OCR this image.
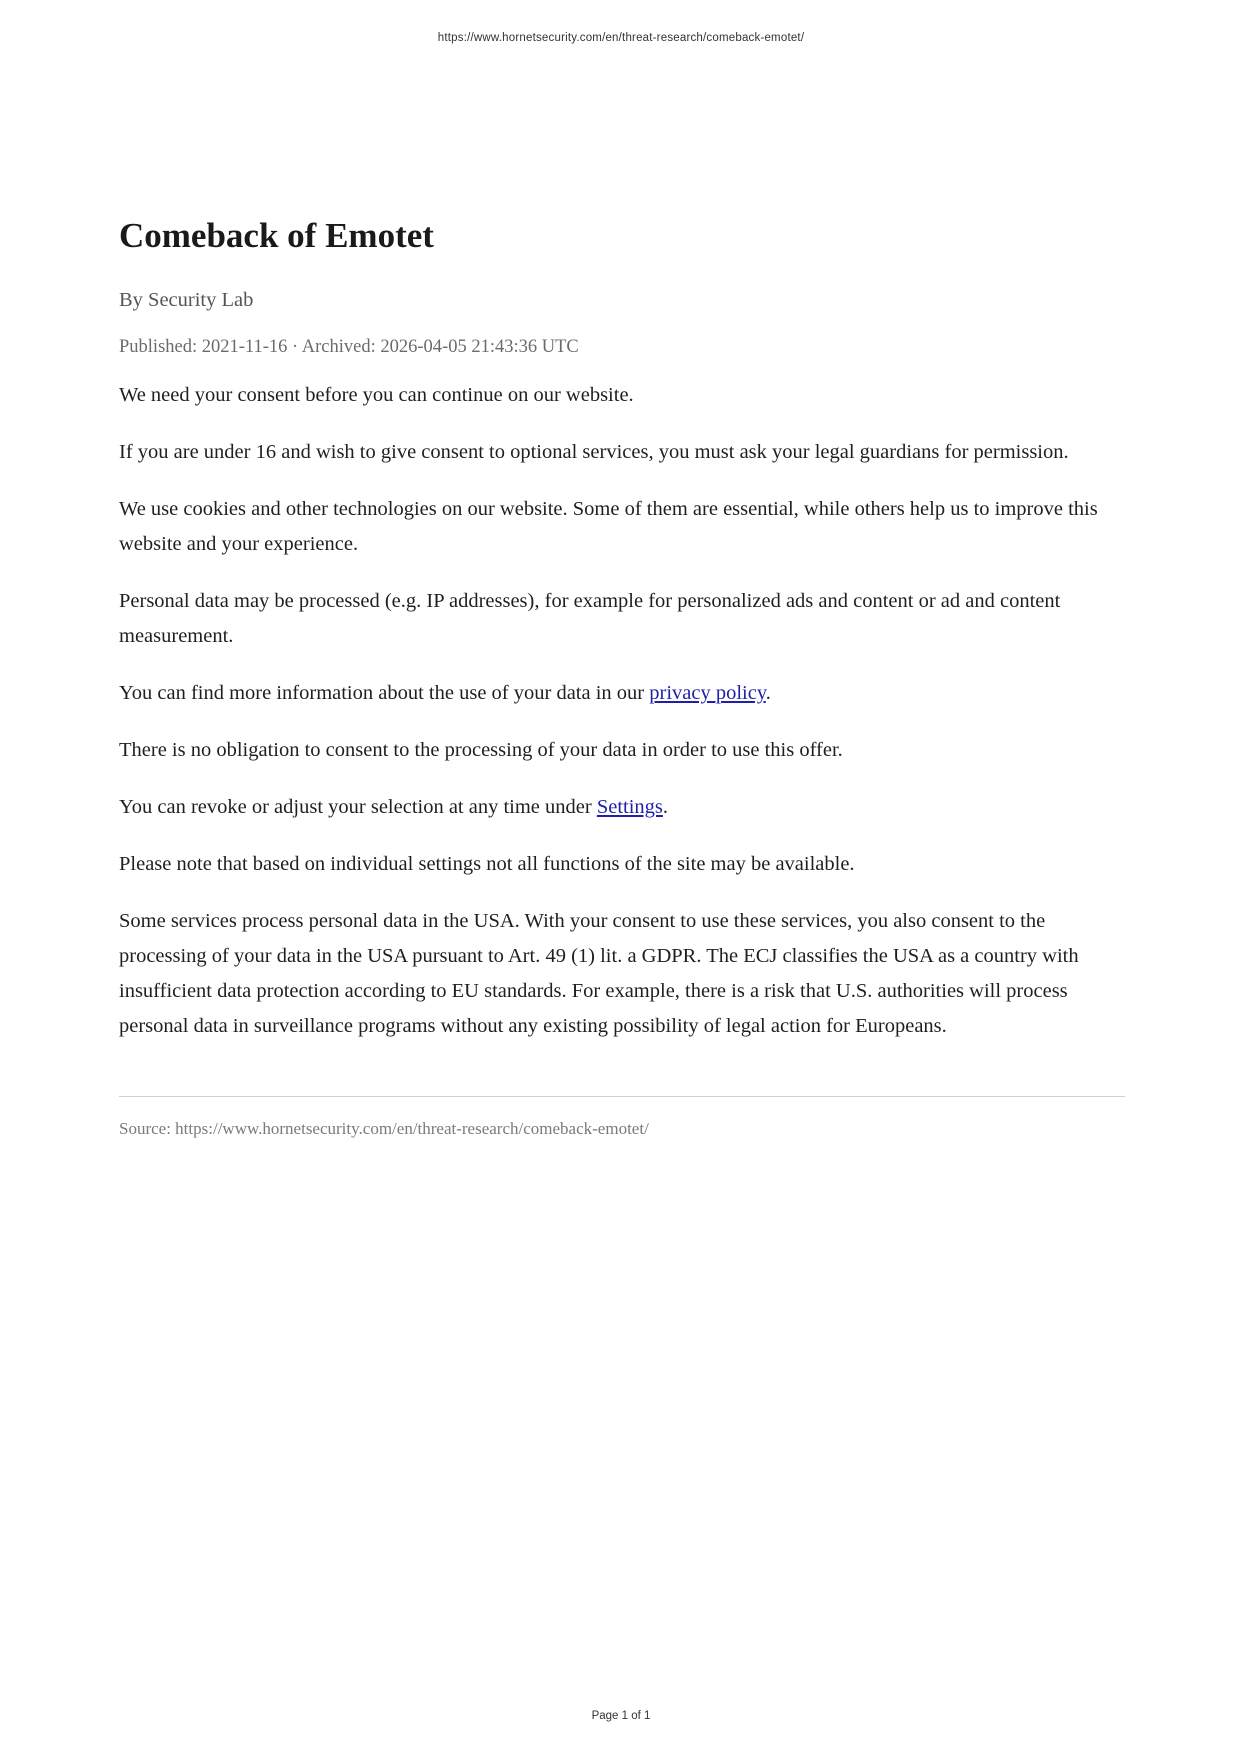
https://www.hornetsecurity.com/en/threat-research/comeback-emotet/
Comeback of Emotet
By Security Lab
Published: 2021-11-16 · Archived: 2026-04-05 21:43:36 UTC

We need your consent before you can continue on our website.

If you are under 16 and wish to give consent to optional services, you must ask your legal guardians for permission.

We use cookies and other technologies on our website. Some of them are essential, while others help us to improve this website and your experience.

Personal data may be processed (e.g. IP addresses), for example for personalized ads and content or ad and content measurement.

You can find more information about the use of your data in our privacy policy.

There is no obligation to consent to the processing of your data in order to use this offer.

You can revoke or adjust your selection at any time under Settings.

Please note that based on individual settings not all functions of the site may be available.

Some services process personal data in the USA. With your consent to use these services, you also consent to the processing of your data in the USA pursuant to Art. 49 (1) lit. a GDPR. The ECJ classifies the USA as a country with insufficient data protection according to EU standards. For example, there is a risk that U.S. authorities will process personal data in surveillance programs without any existing possibility of legal action for Europeans.

Source: https://www.hornetsecurity.com/en/threat-research/comeback-emotet/
Page 1 of 1
